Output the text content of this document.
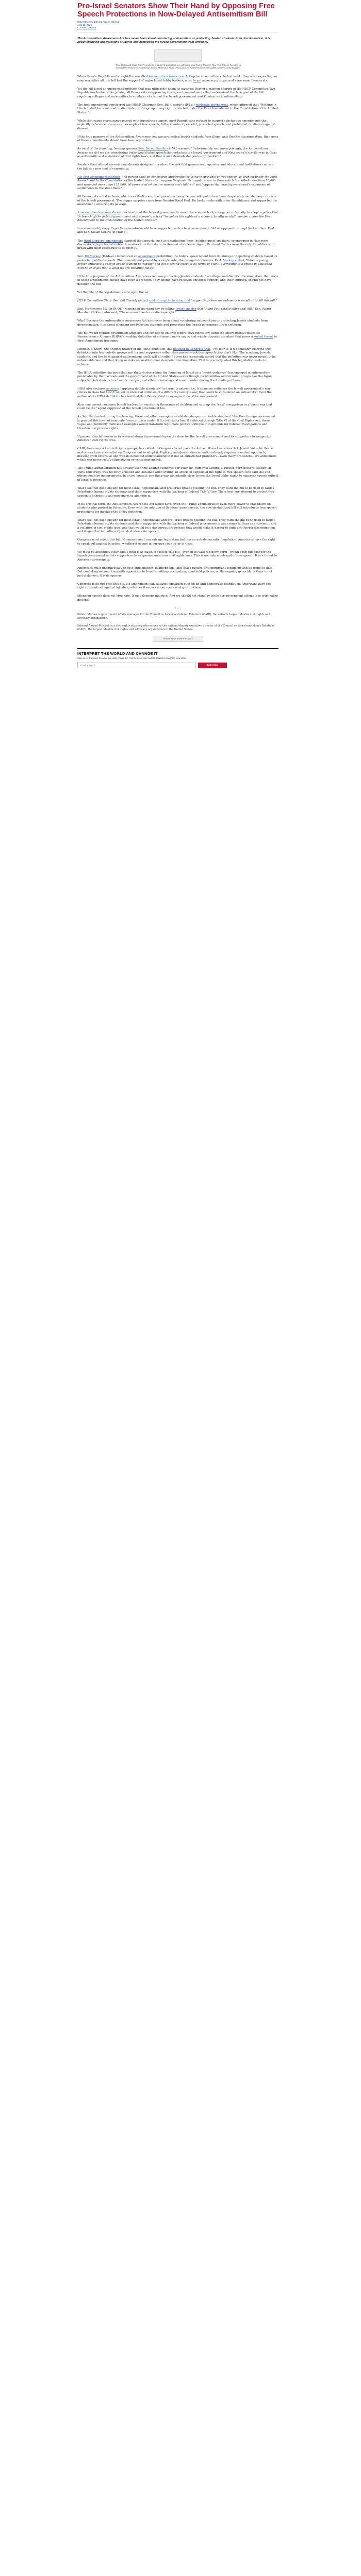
Pro-Israel Senators Show Their Hand by Opposing Free Speech Protections in Now-Delayed Antisemitism Bill
Robert McCaw, Edward Ahmed Mitchell
April 11, 2025
Common Dreams
The Antisemitism Awareness Act has never been about countering antisemitism or protecting Jewish students from discrimination; it is about silencing pro-Palestine students and protecting the Israeli government from criticism.
"Free Mahmoud Khalil Now!" hundreds of anti-ICE protesters are gathering near Trump Tower in New York City on Tuesday to demand the release of Palestinian activist Mahmoud Khalil (Photo by Lev Radin/Pacific Press/LightRocket via Getty Images)

When Senate Republicans brought the so-called Antisemitism Awareness Act up for a committee vote last week, they were expecting an easy win. After all, the bill had the support of major Israel lobby leaders, most Israel advocacy groups, and even some Democrats.

Yet the bill faced an unexpected problem that may ultimately doom its passage: During a markup hearing of the HELP Committee, two Republicans broke ranks, joining all Democrats in approving free speech amendments that undermined the true goal of the bill: requiring colleges and universities to conflate criticism of the Israeli government and Zionism with antisemitism.

The first amendment considered was HELP Chairman Sen. Bill Cassidy's (R-La.) moderate amendment, which affirmed that "Nothing in this Act shall be construed to diminish or infringe upon any right protected under the First Amendment to the Constitution of the United States."

While that vague reassurance passed with bipartisan support, most Republicans refused to support substantive amendments that explicitly referenced Gaza as an example of free speech, full accounts of peaceful, protected speech, and prohibited retaliation against dissent.

If the true purpose of the Antisemitism Awareness Act was protecting Jewish students from illegal anti-Semitic discrimination, then none of these amendments should have been a problem.

As most of the founding, leading sponsor Sen. Bernie Sanders (I-Vt.) warned, "Unfortunately and unsurprisingly, the Antisemitism Awareness Act we are considering today would label speech that criticizes the Israeli government and Netanyahu's horrific war in Gaza as antisemitic and a violation of civil rights laws, and that is an extremely dangerous proposition."

Sanders then offered several amendments designed to reduce the risk that government agencies and educational institutions can use the bill as a new tool of censorship.

His first amendment clarified, "no person shall be considered antisemitic for using their rights of free speech as granted under the First Amendment to the Constitution of the United States to… oppose Benjamin Netanyahu's war in Gaza which has killed more than 50,000 and wounded more than 115,000, 60 percent of whom are women and children" and "oppose the Israeli government's expansion of settlements in the West Bank."

All Democrats voted in favor, which was itself a surprise given how many Democratic politicians have desperately avoided any criticism of the Israeli government. The bigger surprise came from Senator Rand Paul. He broke ranks with other Republicans and supported the amendment, ensuring its passage.

A second Sanders amendment declared that the federal government cannot force any school, college, or university to adopt a policy that "A breach of the federal government may compel a school “to violate the rights of a student, faculty, or staff member under the First Amendment to the Constitution of the United States.”"

In a sane world, every Republican senator would have supported such a basic amendment. Yet all opposed it except for two: Sen. Paul and Sen. Susan Collins (R-Maine).

The third Sanders' amendment clarified that speech, such as distributing flyers, holding guest speakers, or engaging in classroom discussions, is protected unless it involves true threats or incitement of violence. Again, Paul and Collins were the only Republicans to break with their colleagues to support it.

Sen. Ed Markey (D-Mass.) introduced an amendment prohibiting the federal government from detaining or deporting students based on protected political speech. That amendment passed by a single vote, thanks again to Senator Paul. Markey stated, "When a young person criticizes a speech or the student newspaper and get a behind-effect of all forms of Fight. Everything to a prison in Louisiana with no charges that is what we are debating today."

If the true purpose of the Antisemitism Awareness Act was protecting Jewish students from illegal anti-Semitic discrimination, then none of these amendments should have been a problem. They should have received universal support, and their approval should not have derailed the bill.

Yet the fate of the legislation is now up in the air.

HELP Committee Chair Sen. Bill Cassidy (R-La.) said during the hearing that "supporting these amendments is an effort to kill this bill."

Sen. Markwayne Mullin (R-Ok.) responded the word key by telling Jewish Insider that "Rand Paul totally killed that bill." Sen. Roger Marshall (R-Kan.) also said, "These amendments are disrespectful."

Why? Because the Antisemitism Awareness Act has never been about countering antisemitism or protecting Jewish students from discrimination; it is about silencing pro-Palestine students and protecting the Israeli government from criticism.

The bill would require government agencies and schools to enforce federal civil rights law using the International Holocaust Remembrance Alliance (IHRA)'s working definition of antisemitism—a vague and widely disputed standard that poses a sorted threat to First Amendment freedoms.

Kenneth S. Stern, the original drafter of the IHRA definition, has testified to Congress that, "My fear is, if we similarly enshrine this definition into law, outside groups will try and suppress—rather than answer—political speech they don't like. The academy, Jewish students, and the fight against antisemitism itself, will all suffer." Stern has repeatedly stated that the definition was never meant to be enforceable law and that doing so risks unconstitutional viewpoint discrimination. That is precisely what this legislation seeks to achieve.

The IHRA definition declares that any rhetoric describing the founding of Israel as a "racist endeavor" has engaged in antisemitism punishable by their schools and the government of the United States—even though racist militias and terrorist groups like the Irgun subjected Palestinians to a horrific campaign of ethnic cleansing and mass murder during the founding of Israel.

IHRA also declares accusing "applying double standards" to Israel is antisemitic. If someone criticizes the Israeli government's war crimes in Gaza but hasn't issued an identical criticism of a different country's war, that could be considered an antisemitic. Even the author of the IHRA definition has testified that the standard is so vague it could be weaponized.

Also, one cannot condemn Israeli leaders for murdering thousands of children and sum up the "nazi" comparison in a harsh way that could be the "agent suppress" of the Israeli government too.

As Sen. Paul noted during the hearing, these and other examples establish a dangerous double standard. No other foreign government is granted this level of immunity from criticism under U.S. civil rights law. If enforced through Title VI of the Civil Rights Act, these vague and politically motivated examples would transform legitimate political critique into grounds for federal investigations and threaten due process rights.

If passed, this bill—even in its watered-down form—would open the door for the Israeli government and its supporters to weaponize American civil rights laws.

CAIR, like many other civil rights groups, has called on Congress to not pass the Antisemitism Awareness Act. Jewish Voice for Peace and others have also called on Congress not to adopt it. Fighting anti-Jewish discrimination already requires a unified approach, drawing from extensive and well-documented understanding that not all anti-Zionist protesters—even many protesters—are antisemitic, which can never justify stigmatizing or censoring speech.

The Trump administration has already used this against students. For example, Rumeysa Ozturk, a Turkish-born doctoral student at Tufts University, was recently arrested and detained after writing an article in support of the right to free speech. She said she and others could be inappropriate. In a civil lawsuit, one thing was abundantly clear to me: the Israel lobby wants to suppress speech critical of Israel's atrocities.

That's still not good enough for most Israel Republicans and pro-Israel groups pushing the bill. They want the bill to be used to target Palestinian human rights students and their supporters with the backing of federal Title VI law. Therefore, any attempt to protect free speech is a threat to any movement to abandon it.

In its original form, the Antisemitism Awareness Act would have given the Trump administration even more power to crackdown on students who protest in Palestine. Even with the addition of Sanders' amendments, the now-destabilized bill still introduces free speech protections for invoking the IHRA definition.

That's still not good enough for most Israeli Republicans and pro-Israel groups pushing the bill. They want the bill to be used to target Palestinian human rights students and their supporters with the backing of federal government's war crimes in Gaza as antisemitic and a violation of civil rights laws, and that would be a dangerous proposition that would make it harder to fight anti-Jewish discrimination and illegal discrimination of Jewish students for speech.

Congress must reject this bill. No amendment can salvage legislation built on an anti-democratic foundation. Americans have the right to speak out against injustice, whether it occurs in our own country or in Gaza.

We must be absolutely clear about what is at stake. If passed, this bill—even in its watered-down form—would open the door for the Israeli government and its supporters to weaponize American civil rights laws. This is not only a betrayal of free speech. It is a threat to American sovereignty.

Americans must unequivocally oppose antisemitism, Islamophobia, anti-Black racism, anti-immigrant sentiment and all forms of hate. But conflating antisemitism with opposition to Israel's military occupation, apartheid policies, or the ongoing genocide in Gaza is not just dishonest. It is dangerous.

Congress must not pass this bill. No amendment can salvage legislation built on an anti-democratic foundation. Americans have the right to speak out against injustice, whether it occurs in our own country or in Gaza.

Silencing speech does not stop hate. It only deepens injustice. And we should not stand by while our government attempts to criminalize dissent.

• • •

Robert McCaw is government affairs manager for the Council on American-Islamic Relations (CAIR), the nation's largest Muslim civil rights and advocacy organization.

Edward Ahmed Mitchell is a civil rights attorney who serves as the national deputy executive director of the Council on American-Islamic Relations (CAIR), the largest Muslim civil rights and advocacy organization in the United States.

Antisemitism Awareness Act
INTERPRET THE WORLD AND CHANGE IT
Sign up for Common Dreams' free daily newsletter. Get the news that matters delivered straight to your inbox.
Email address
Subscribe
